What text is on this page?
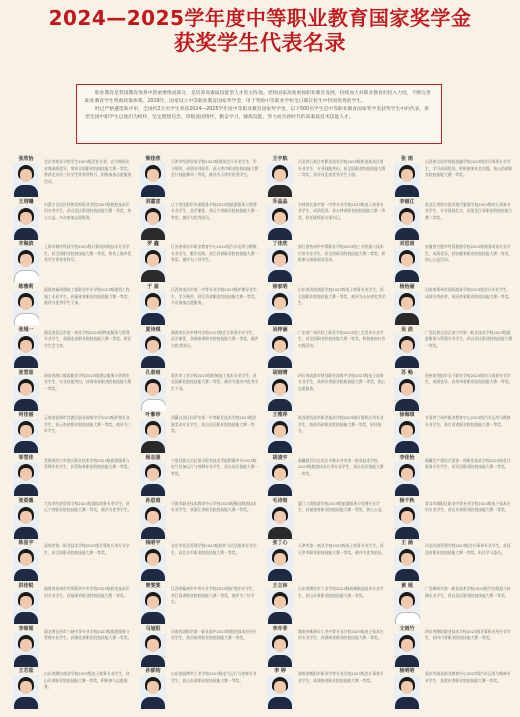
2024—2025学年度中等职业教育国家奖学金
获奖学生代表名录

职业教育是我国教育体系中的重要组成部分，是培养高素质技能型人才的主阵地。党和国家高度重视职业教育发展，持续加大对职业教育的投入力度，不断完善职业教育学生资助政策体系。2019年，国家设立中等职业教育国家奖学金，用于奖励中等职业学校全日制在校生中特别优秀的学生。

经过严格遴选和评审，全国约2万名学生荣获2024—2025学年度中等职业教育国家奖学金。以下500名学生是中等职业教育国家奖学金获奖学生中的代表，希望全国中职学生以他们为榜样，坚定理想信念，厚植爱国情怀，勤奋学习，锤炼技能，努力成为新时代的高素质技术技能人才。

张欣怡	北京市商业学校学生2023级烹饪专业，在学期间专业课成绩优异，荣获全国职业院校技能大赛一等奖，曾获北京市三好学生等荣誉称号，积极参加志愿服务活动。
梁佳欣	天津市经济贸易学校2023级财务会计专业学生，学习刻苦，成绩名列前茅，获天津市职业院校技能大赛会计技能赛项一等奖，被评为天津市优秀学生。
王宇航	河北省石家庄市职业技术学校2023级机电技术应用专业学生，专业技能突出，获全国职业院校技能大赛二等奖，获评河北省优秀学生干部。
张 雨	山西省太原市财政金融学校2023级会计事务专业学生，学习成绩优异，积极参加社会实践，获山西省职业院校技能大赛一等奖。
王培曦	内蒙古自治区呼和浩特职业学院2023级数控技术应用专业学生，获自治区职业院校技能大赛一等奖，热心公益，多次参加志愿服务。
刘嘉宣	辽宁省沈阳市外事服务学校2023级旅游服务与管理专业学生，品学兼优，获辽宁省职业院校技能大赛一等奖，被评为优秀团员。
乔晶晶	吉林省长春市第一中等专业学校2023级电子商务专业学生，成绩优异，获吉林省职业院校技能大赛一等奖，担任班级团支部书记。
李丽江	黑龙江省哈尔滨市现代服务学校2023级幼儿保育专业学生，专业基础扎实，获黑龙江省职业院校技能大赛二等奖。
辛海滨	上海市城市科技学校2023级计算机网络技术专业学生，获全国职业院校技能大赛一等奖，曾获上海市优秀学生等荣誉称号。
罗 鑫	江苏省南京市职业教育中心2023级汽车运用与维修专业学生，勤学苦练，获江苏省职业院校技能大赛一等奖，被评为三好学生。
丁佳欣	浙江省杭州市中策职业学校2023级工业机器人技术应用专业学生，获全国职业院校技能大赛二等奖，积极参与创新创业活动。
刘思雨	安徽省合肥市经贸旅游学校2023级商务英语专业学生，成绩优异，获安徽省职业院校技能大赛一等奖，热心公益活动。
陈雅莉	福建省福州建筑工程职业中专学校2023级建筑工程施工专业学生，获福建省职业院校技能大赛一等奖，被评为优秀学生干部。
于 盈	江西省南昌市第一中等专业学校2023级护理专业学生，学习刻苦，获江西省职业院校技能大赛一等奖，多次参加志愿服务。
徐家明	山东省济南商贸学校2023级电子商务专业学生，获全国职业院校技能大赛一等奖，被评为山东省优秀学生。
杨怡涵	河南省郑州市国际商务学校2023级会计专业学生，成绩名列前茅，获河南省职业院校技能大赛一等奖。
张城一	湖北省武汉市第一商业学校2023级物流服务与管理专业学生，获湖北省职业院校技能大赛一等奖，担任学生会主席。
夏诗琪	湖南省长沙市财经学校2023级会计事务专业学生，品学兼优，获湖南省职业院校技能大赛一等奖，被评为优秀团员。
吴梓涵	广东省广州市轻工职业学校2023级工艺美术专业学生，获全国职业院校技能大赛一等奖，积极参加社会实践活动。
吴 淡	广西壮族自治区南宁市第一职业技术学校2023级旅游服务与管理专业学生，获自治区职业院校技能大赛一等奖。
张雪茹	海南省海口旅游职业学校2023级酒店服务与管理专业学生，专业技能突出，获海南省职业院校技能大赛一等奖。
孔春雨	重庆市工业学校2023级机械加工技术专业学生，获全国职业院校技能大赛二等奖，被评为重庆市优秀学生干部。
胡雨晴	四川省成都市财贸职业高级中学校2023级电子商务专业学生，获四川省职业院校技能大赛一等奖，热心志愿服务。
苏 畅	贵州省贵阳市女子职业学校2023级幼儿保育专业学生，成绩优异，获贵州省职业院校技能大赛一等奖。
何佳丽	云南省昆明市官渡区职业高级中学2023级护理专业学生，获云南省职业院校技能大赛一等奖，被评为三好学生。
叶紫珍	西藏自治区拉萨市第一中等职业技术学校2023级民族美术专业学生，获自治区职业院校技能大赛一等奖。
王雅萍	陕西省西安市职业技术学校2023级计算机应用专业学生，获陕西省职业院校技能大赛一等奖，担任班长。
徐海琪	甘肃省兰州市职业教育中心2023级汽车运用与维修专业学生，获甘肃省职业院校技能大赛一等奖。
邹雪佳	青海省西宁市湟川职业技术学校2023级旅游服务与管理专业学生，获青海省职业院校技能大赛一等奖。
杨志强	宁夏回族自治区银川职业技术学院附属中专2023级电气设备运行与控制专业学生，获自治区技能大赛一等奖。
胡凌宇	新疆维吾尔自治区乌鲁木齐市第一职业技术学校2023级数控技术应用专业学生，获自治区技能大赛一等奖。
李佳怡	新疆生产建设兵团第一师职业技术学校2023级会计事务专业学生，获兵团职业院校技能大赛一等奖。
张姿墨	大连市经济贸易学校2023级国际商务专业学生，获辽宁省职业院校技能大赛一等奖，被评为优秀学生。
孙思雨	宁波市职业技术教育中心学校2023级模具制造技术专业学生，获浙江省职业院校技能大赛一等奖。
毛诗雨	厦门工商旅游学校2023级旅游服务与管理专业学生，获福建省职业院校技能大赛一等奖，热心公益。
杨千秋	青岛市城阳区职业中等专业学校2023级电子技术应用专业学生，获山东省职业院校技能大赛一等奖。
陈星宇	深圳市第一职业技术学校2023级计算机应用专业学生，获全国职业院校技能大赛一等奖。
钱明宇	北京市信息管理学校2023级软件与信息服务专业学生，获北京市职业院校技能大赛一等奖。
张丁心	天津市第一商业学校2023级电子商务专业学生，获天津市职业院校技能大赛一等奖，被评为优秀团员。
王 涵	河北经济管理学校2023级会计事务专业学生，获河北省职业院校技能大赛一等奖，担任学习委员。
洪佳锐	福建省泉州市华侨职业中专学校2023级机电技术应用专业学生，获福建省职业院校技能大赛一等奖。
曾雯雯	江西省赣州市中等专业学校2023级护理专业学生，获江西省职业院校技能大赛一等奖，被评为三好学生。
王立林	山东省潍坊市工业学校2023级机械制造技术专业学生，获山东省职业院校技能大赛一等奖。
黄 瑶	广西柳州市第一职业技术学校2023级汽车制造与检测专业学生，获自治区职业院校技能大赛一等奖。
李琼瑶	湖北省宜昌市三峡中等专业学校2023级旅游服务与管理专业学生，获湖北省职业院校技能大赛一等奖。
马旭阳	河南省洛阳市第一职业高中2023级数控技术应用专业学生，获河南省职业院校技能大赛一等奖。
李亦菲	湖南省株洲市工业中等专业学校2023级电子技术应用专业学生，获湖南省职业院校技能大赛一等奖。
文雨竹	四川省绵阳职业技术学校2023级计算机应用专业学生，获四川省职业院校技能大赛一等奖。
王芯茹	山东省潍坊商业学校2023级电子商务专业学生，获山东省职业院校技能大赛一等奖，积极参与志愿服务。
孙郁钧	山东省淄博市工业学校2023级电气运行与控制专业学生，获山东省职业院校技能大赛一等奖。
李 婷	湖南省衡阳市职业中等专业学校2023级会计事务专业学生，获湖南省职业院校技能大赛一等奖。
杨明明	重庆市渝北职业教育中心2023级汽车运用与维修专业学生，获重庆市职业院校技能大赛一等奖。
